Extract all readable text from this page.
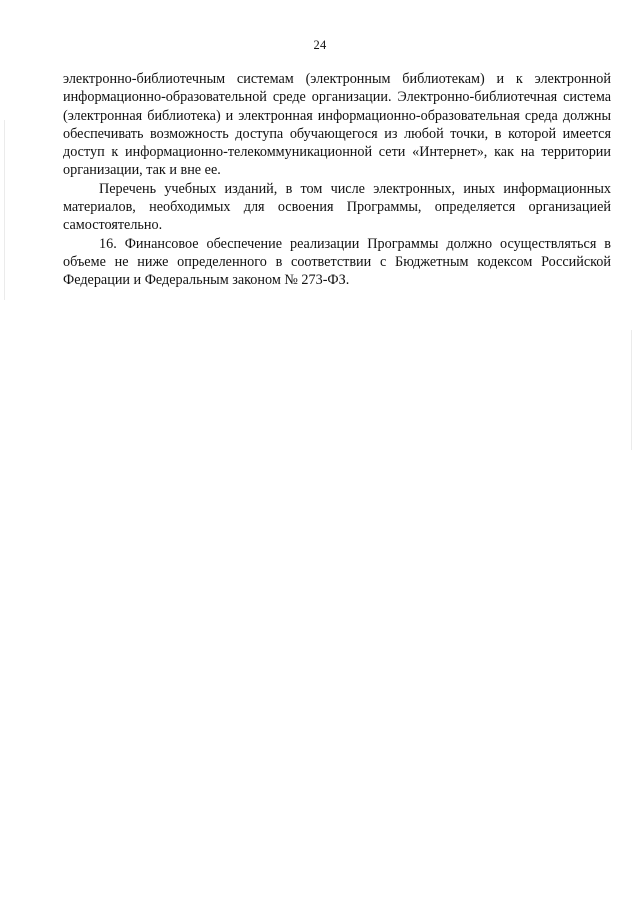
24

электронно-библиотечным системам (электронным библиотекам) и к электронной информационно-образовательной среде организации. Электронно-библиотечная система (электронная библиотека) и электронная информационно-образовательная среда должны обеспечивать возможность доступа обучающегося из любой точки, в которой имеется доступ к информационно-телекоммуникационной сети «Интернет», как на территории организации, так и вне ее.

Перечень учебных изданий, в том числе электронных, иных информационных материалов, необходимых для освоения Программы, определяется организацией самостоятельно.

16. Финансовое обеспечение реализации Программы должно осуществляться в объеме не ниже определенного в соответствии с Бюджетным кодексом Российской Федерации и Федеральным законом № 273-ФЗ.
